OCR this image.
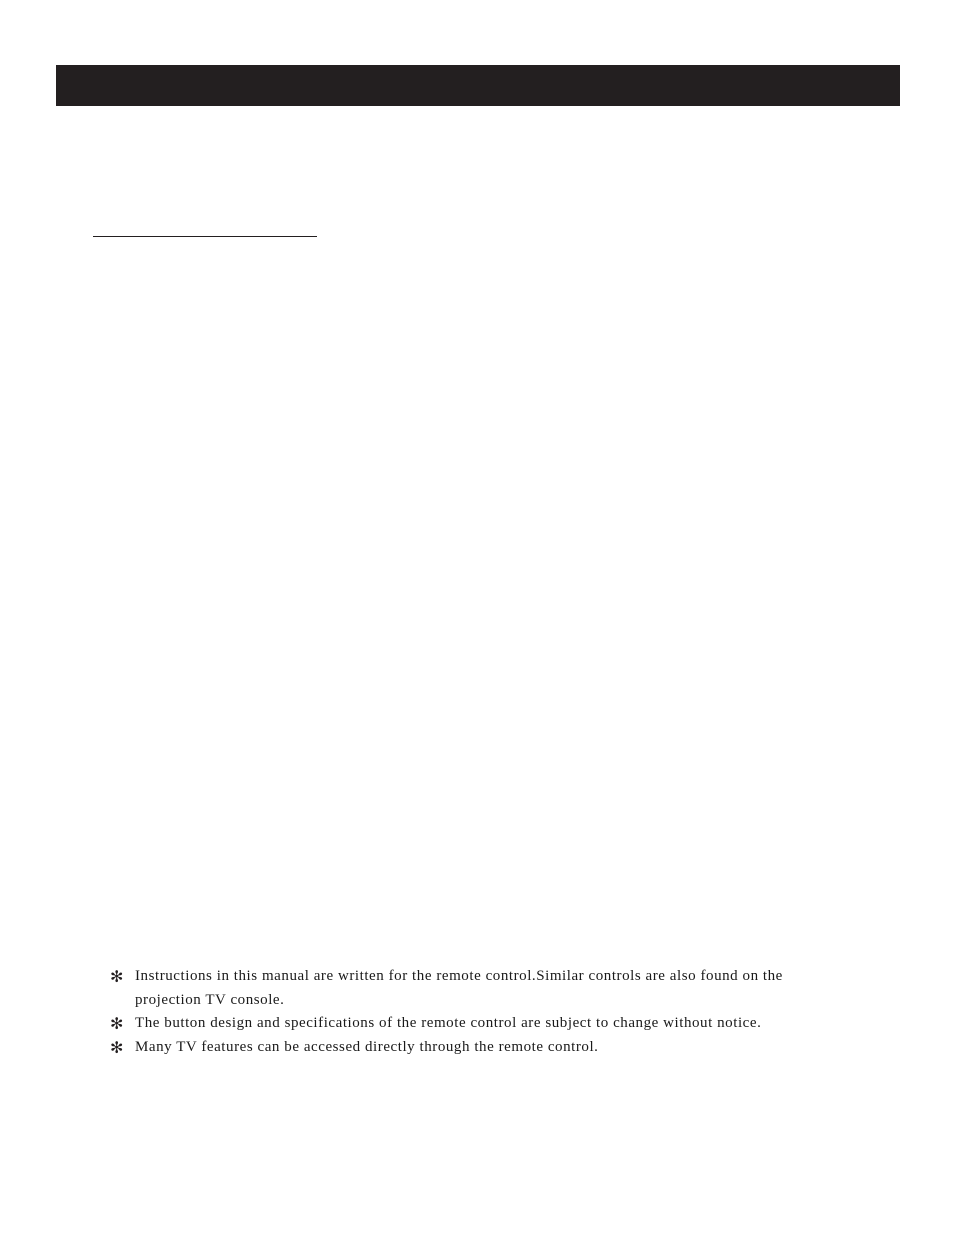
✻ Instructions in this manual are written for the remote control.Similar controls are also found on the projection TV console.
✻ The button design and specifications of the remote control are subject to change without notice.
✻ Many TV features can be accessed directly through the remote control.
